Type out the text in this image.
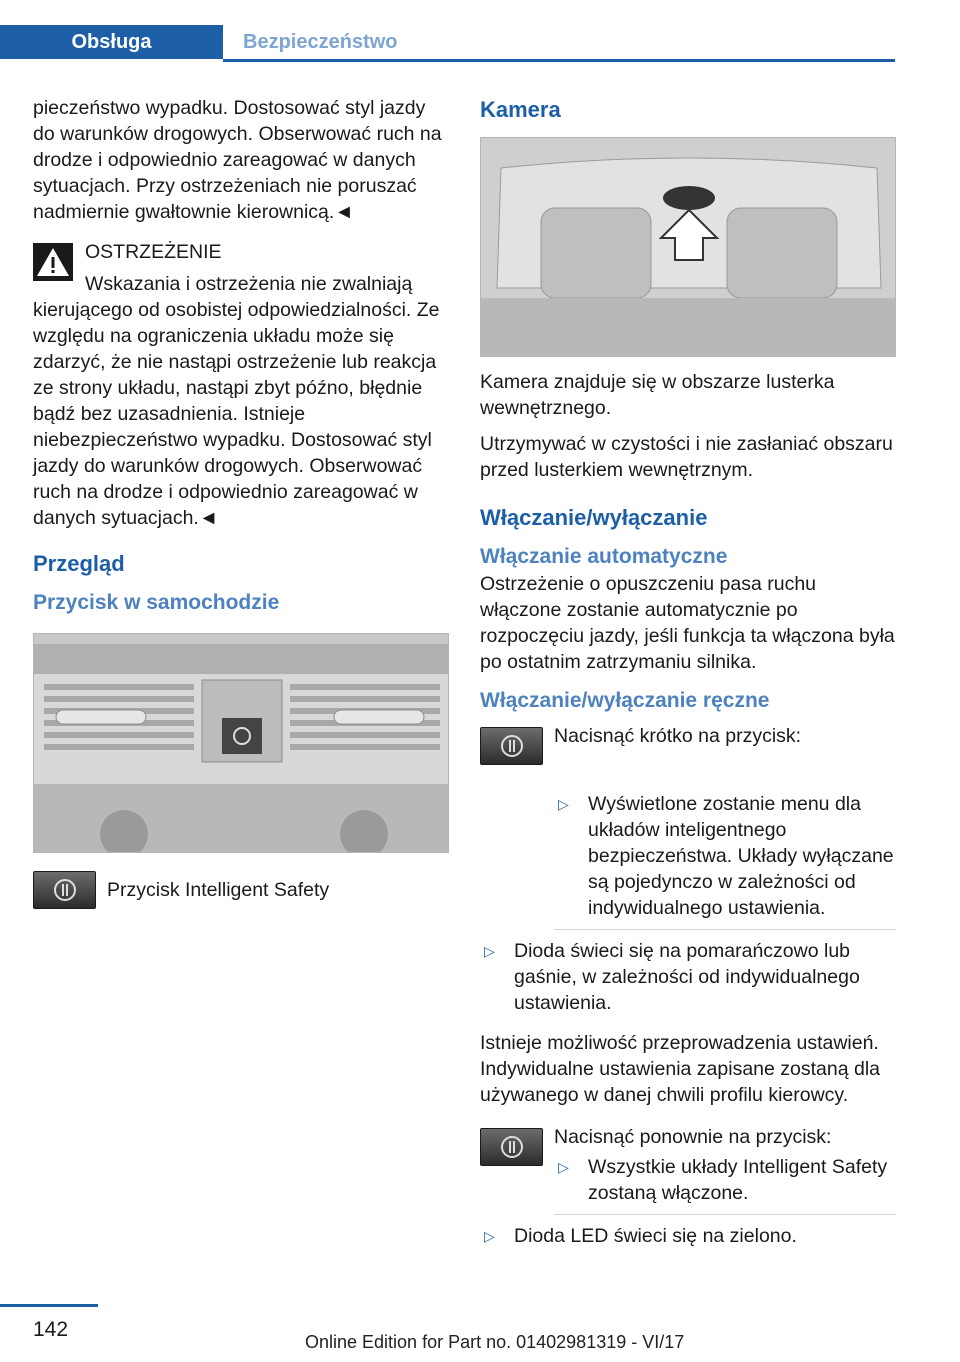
Obsługa	Bezpieczeństwo

pieczeństwo wypadku. Dostosować styl jazdy do warunków drogowych. Obserwować ruch na drodze i odpowiednio zareagować w danych sytuacjach. Przy ostrzeżeniach nie poruszać nadmiernie gwałtownie kierownicą.◄

OSTRZEŻENIE

Wskazania i ostrzeżenia nie zwalniają kierującego od osobistej odpowiedzialności. Ze względu na ograniczenia układu może się zdarzyć, że nie nastąpi ostrzeżenie lub reakcja ze strony układu, nastąpi zbyt późno, błędnie bądź bez uzasadnienia. Istnieje niebezpieczeństwo wypadku. Dostosować styl jazdy do warunków drogowych. Obserwować ruch na drodze i odpowiednio zareagować w danych sytuacjach.◄

Przegląd
Przycisk w samochodzie
Przycisk Intelligent Safety
Kamera

Kamera znajduje się w obszarze lusterka wewnętrznego.

Utrzymywać w czystości i nie zasłaniać obszaru przed lusterkiem wewnętrznym.

Włączanie/wyłączanie
Włączanie automatyczne

Ostrzeżenie o opuszczeniu pasa ruchu włączone zostanie automatycznie po rozpoczęciu jazdy, jeśli funkcja ta włączona była po ostatnim zatrzymaniu silnika.

Włączanie/wyłączanie ręczne
Nacisnąć krótko na przycisk:
▷ Wyświetlone zostanie menu dla układów inteligentnego bezpieczeństwa. Układy wyłączane są pojedynczo w zależności od indywidualnego ustawienia.
▷ Dioda świeci się na pomarańczowo lub gaśnie, w zależności od indywidualnego ustawienia.

Istnieje możliwość przeprowadzenia ustawień. Indywidualne ustawienia zapisane zostaną dla używanego w danej chwili profilu kierowcy.

Nacisnąć ponownie na przycisk:
▷ Wszystkie układy Intelligent Safety zostaną włączone.
▷ Dioda LED świeci się na zielono.
142
Online Edition for Part no. 01402981319 - VI/17
